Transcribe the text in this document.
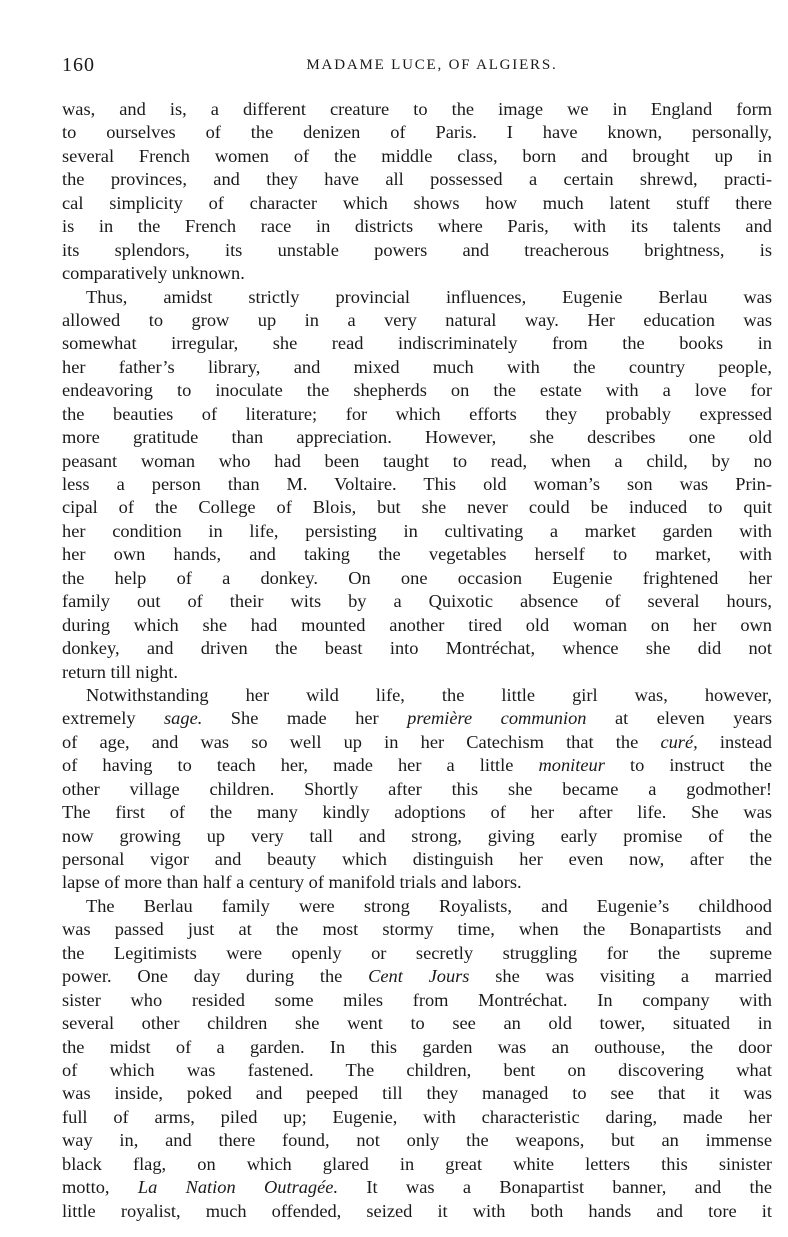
160	MADAME LUCE, OF ALGIERS.
was, and is, a different creature to the image we in England form
to ourselves of the denizen of Paris. I have known, personally,
several French women of the middle class, born and brought up in
the provinces, and they have all possessed a certain shrewd, practi-
cal simplicity of character which shows how much latent stuff there
is in the French race in districts where Paris, with its talents and
its splendors, its unstable powers and treacherous brightness, is
comparatively unknown.
Thus, amidst strictly provincial influences, Eugenie Berlau was
allowed to grow up in a very natural way. Her education was
somewhat irregular, she read indiscriminately from the books in
her father’s library, and mixed much with the country people,
endeavoring to inoculate the shepherds on the estate with a love for
the beauties of literature; for which efforts they probably expressed
more gratitude than appreciation. However, she describes one old
peasant woman who had been taught to read, when a child, by no
less a person than M. Voltaire. This old woman’s son was Prin-
cipal of the College of Blois, but she never could be induced to quit
her condition in life, persisting in cultivating a market garden with
her own hands, and taking the vegetables herself to market, with
the help of a donkey. On one occasion Eugenie frightened her
family out of their wits by a Quixotic absence of several hours,
during which she had mounted another tired old woman on her own
donkey, and driven the beast into Montréchat, whence she did not
return till night.
Notwithstanding her wild life, the little girl was, however,
extremely sage. She made her première communion at eleven years
of age, and was so well up in her Catechism that the curé, instead
of having to teach her, made her a little moniteur to instruct the
other village children. Shortly after this she became a godmother!
The first of the many kindly adoptions of her after life. She was
now growing up very tall and strong, giving early promise of the
personal vigor and beauty which distinguish her even now, after the
lapse of more than half a century of manifold trials and labors.
The Berlau family were strong Royalists, and Eugenie’s childhood
was passed just at the most stormy time, when the Bonapartists and
the Legitimists were openly or secretly struggling for the supreme
power. One day during the Cent Jours she was visiting a married
sister who resided some miles from Montréchat. In company with
several other children she went to see an old tower, situated in
the midst of a garden. In this garden was an outhouse, the door
of which was fastened. The children, bent on discovering what
was inside, poked and peeped till they managed to see that it was
full of arms, piled up; Eugenie, with characteristic daring, made her
way in, and there found, not only the weapons, but an immense
black flag, on which glared in great white letters this sinister
motto, La Nation Outragée. It was a Bonapartist banner, and the
little royalist, much offended, seized it with both hands and tore it
